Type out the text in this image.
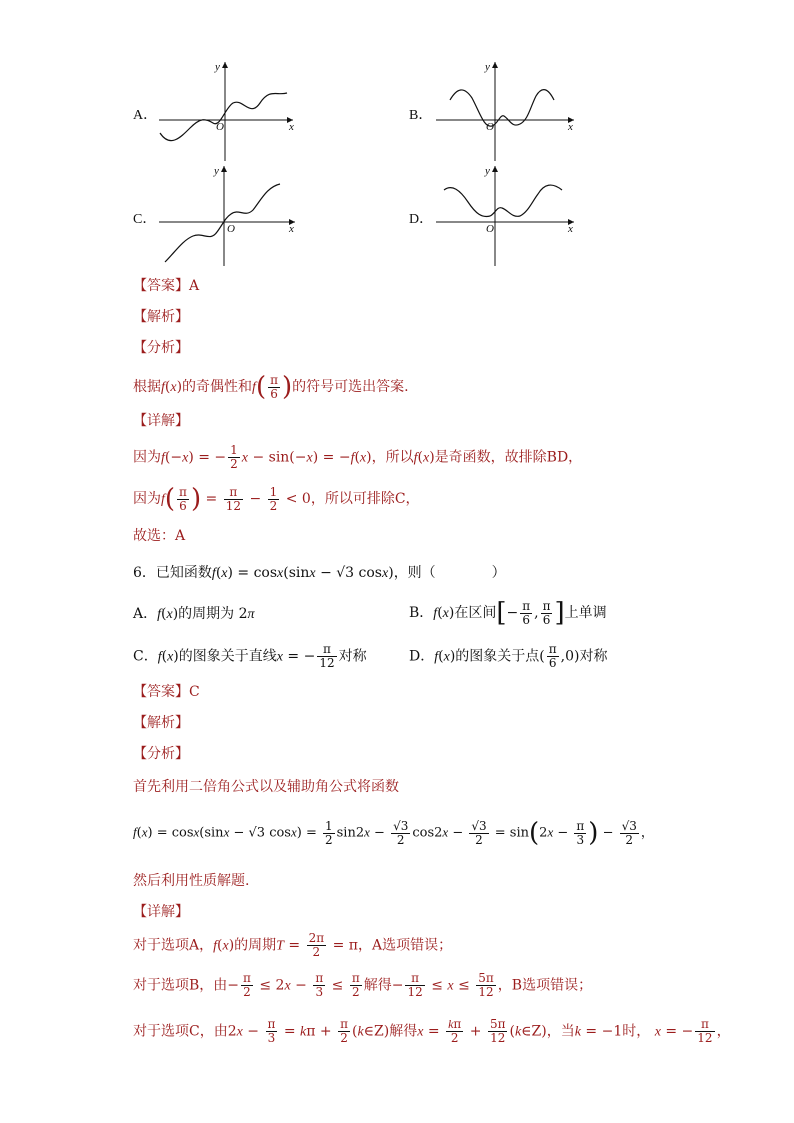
A．
x
y
O
B．
x
y
O
C．
x
y
O
D．
x
y
O
【答案】A
【解析】
【分析】
根据f(x)的奇偶性和$f( \frac{\pi}{6}$ )的符号可选出答案.
【详解】
因为f(−x) = − $\frac{1}{2}$ x − sin(−x) = −f(x)，所以f(x)是奇函数，故排除BD，
因为$f( \frac{\pi}{6}$ ) = $\frac{\pi}{12} - \frac{1}{2} < 0$，所以可排除C，
故选：A
6．已知函数f(x) = cosx(sinx − √3 cosx)，则（　　　　）
A．f(x)的周期为 2π	B．f(x)在区间[− $\frac{\pi}{6}$ , $\frac{\pi}{6}$ ]上单调
C．f(x)的图象关于直线x = − $\frac{\pi}{12}$ 对称	D．f(x)的图象关于点( $\frac{\pi}{6} ,0$)对称
【答案】C
【解析】
【分析】
首先利用二倍角公式以及辅助角公式将函数
f(x) = cosx(sinx − √3 $\cos x) = \frac{1}{2} \sin 2x - \frac{√3}{2} \cos 2x - \frac{√3}{2} = \sin(2x - \frac{\pi}{3}$ ) − $\frac{√3}{2}$ ，
然后利用性质解题.
【详解】
对于选项A，f(x)的周期$T = \frac{2\pi}{2} = \pi$，A选项错误；
对于选项B，由− $\frac{\pi}{2} \le 2x - \frac{\pi}{3} \le \frac{\pi}{2}$ 解得− $\frac{\pi}{12} \le x \le \frac{5\pi}{12}$ ，B选项错误；
对于选项C，由$2x - \frac{\pi}{3} = k\pi + \frac{\pi}{2}$ (k∈Z)解得$x = \frac{k\pi}{2} + \frac{5\pi}{12}$ (k∈Z)，当k = −1时， x = − $\frac{\pi}{12}$ ，
